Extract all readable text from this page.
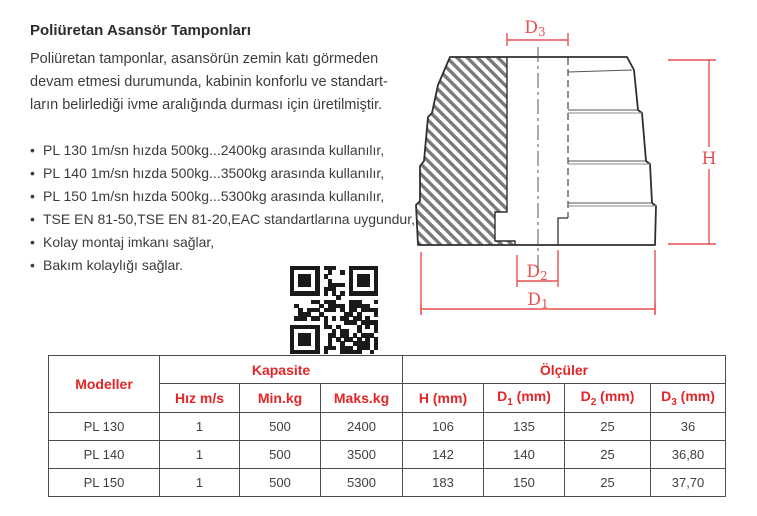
Poliüretan Asansör Tamponları
Poliüretan tamponlar, asansörün zemin katı görmeden
devam etmesi durumunda, kabinin konforlu ve standart-
ların belirlediği ivme aralığında durması için üretilmiştir.
• PL 130 1m/sn hızda 500kg...2400kg arasında kullanılır,
• PL 140 1m/sn hızda 500kg...3500kg arasında kullanılır,
• PL 150 1m/sn hızda 500kg...5300kg arasında kullanılır,
• TSE EN 81-50,TSE EN 81-20,EAC standartlarına uygundur,
• Kolay montaj imkanı sağlar,
• Bakım kolaylığı sağlar.
D3
H
D2
D1
Modeller	Kapasite			Ölçüler			
	Hız m/s	Min.kg	Maks.kg	H (mm)	$D_1$ (mm)	$D_2$ (mm)	$D_3$ (mm)
PL 130	1	500	2400	106	135	25	36
PL 140	1	500	3500	142	140	25	36,80
PL 150	1	500	5300	183	150	25	37,70
